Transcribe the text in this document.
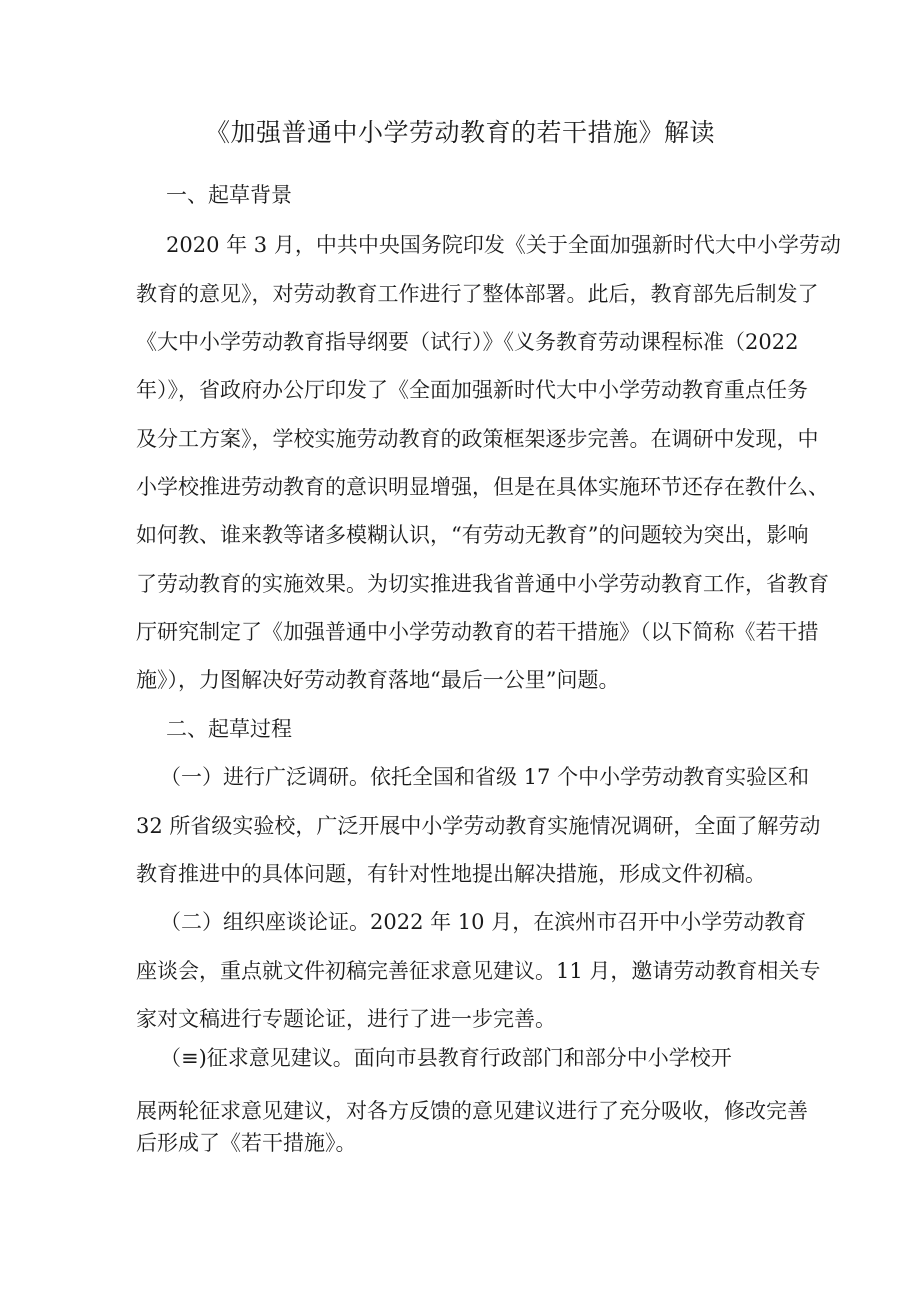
《加强普通中小学劳动教育的若干措施》解读
一、起草背景
2020 年 3 月，中共中央国务院印发《关于全面加强新时代大中小学劳动
教育的意见》，对劳动教育工作进行了整体部署。此后，教育部先后制发了
《大中小学劳动教育指导纲要（试行）》《义务教育劳动课程标准（2022
年）》，省政府办公厅印发了《全面加强新时代大中小学劳动教育重点任务
及分工方案》，学校实施劳动教育的政策框架逐步完善。在调研中发现，中
小学校推进劳动教育的意识明显增强，但是在具体实施环节还存在教什么、
如何教、谁来教等诸多模糊认识，“有劳动无教育”的问题较为突出，影响
了劳动教育的实施效果。为切实推进我省普通中小学劳动教育工作，省教育
厅研究制定了《加强普通中小学劳动教育的若干措施》（以下简称《若干措
施》），力图解决好劳动教育落地“最后一公里”问题。
二、起草过程
（一）进行广泛调研。依托全国和省级 17 个中小学劳动教育实验区和
32 所省级实验校，广泛开展中小学劳动教育实施情况调研，全面了解劳动
教育推进中的具体问题，有针对性地提出解决措施，形成文件初稿。
（二）组织座谈论证。2022 年 10 月，在滨州市召开中小学劳动教育
座谈会，重点就文件初稿完善征求意见建议。11 月，邀请劳动教育相关专
家对文稿进行专题论证，进行了进一步完善。
（≡)征求意见建议。面向市县教育行政部门和部分中小学校开
展两轮征求意见建议，对各方反馈的意见建议进行了充分吸收，修改完善
后形成了《若干措施》。
